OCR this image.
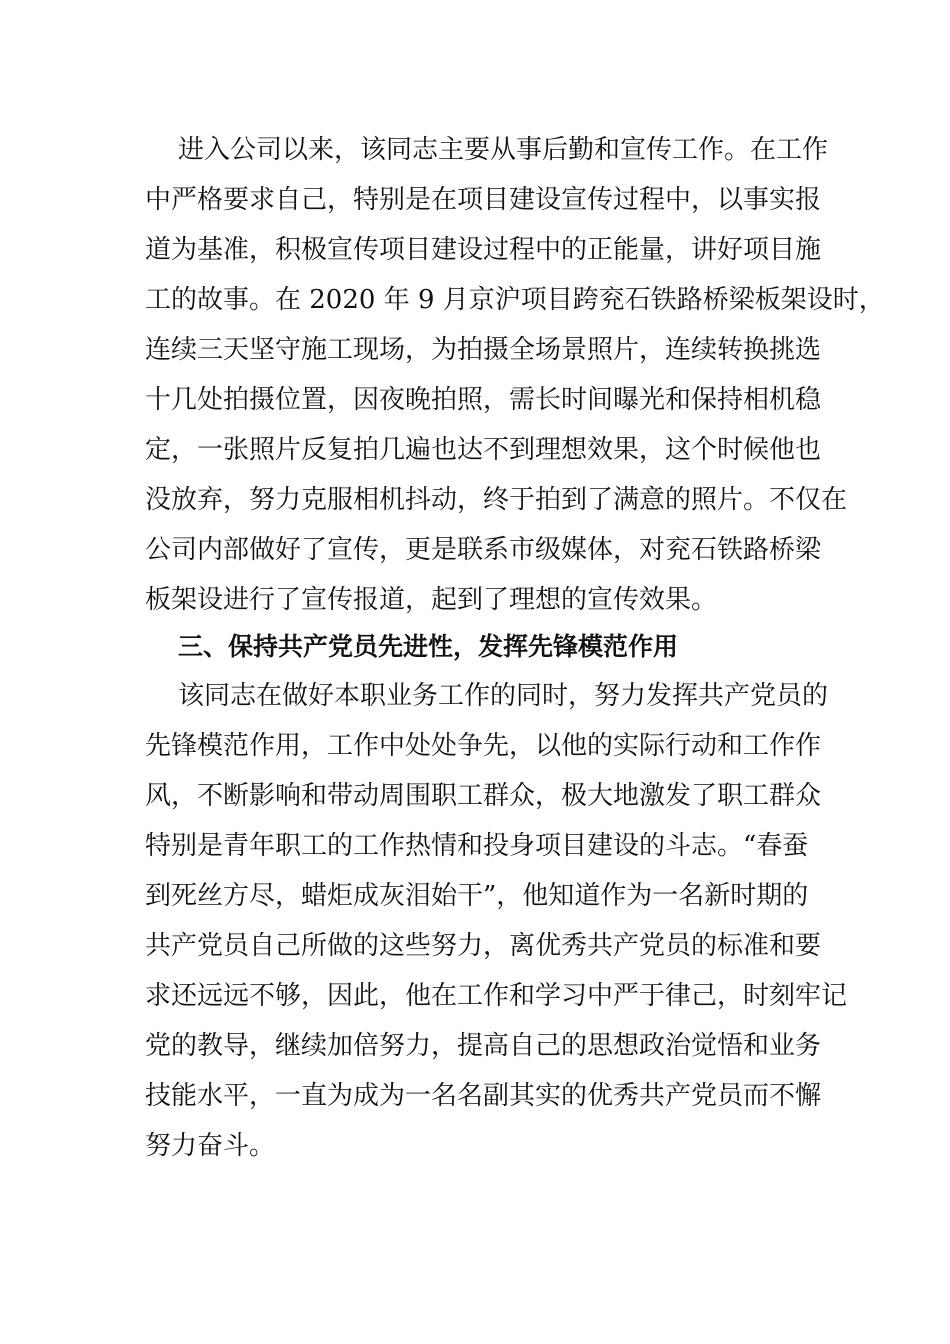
进入公司以来，该同志主要从事后勤和宣传工作。在工作
中严格要求自己，特别是在项目建设宣传过程中，以事实报
道为基准，积极宣传项目建设过程中的正能量，讲好项目施
工的故事。在 2020 年 9 月京沪项目跨兖石铁路桥梁板架设时，
连续三天坚守施工现场，为拍摄全场景照片，连续转换挑选
十几处拍摄位置，因夜晚拍照，需长时间曝光和保持相机稳
定，一张照片反复拍几遍也达不到理想效果，这个时候他也
没放弃，努力克服相机抖动，终于拍到了满意的照片。不仅在
公司内部做好了宣传，更是联系市级媒体，对兖石铁路桥梁
板架设进行了宣传报道，起到了理想的宣传效果。
三、保持共产党员先进性，发挥先锋模范作用
该同志在做好本职业务工作的同时，努力发挥共产党员的
先锋模范作用，工作中处处争先，以他的实际行动和工作作
风，不断影响和带动周围职工群众，极大地激发了职工群众
特别是青年职工的工作热情和投身项目建设的斗志。“春蚕
到死丝方尽，蜡炬成灰泪始干”，他知道作为一名新时期的
共产党员自己所做的这些努力，离优秀共产党员的标准和要
求还远远不够，因此，他在工作和学习中严于律己，时刻牢记
党的教导，继续加倍努力，提高自己的思想政治觉悟和业务
技能水平，一直为成为一名名副其实的优秀共产党员而不懈
努力奋斗。
